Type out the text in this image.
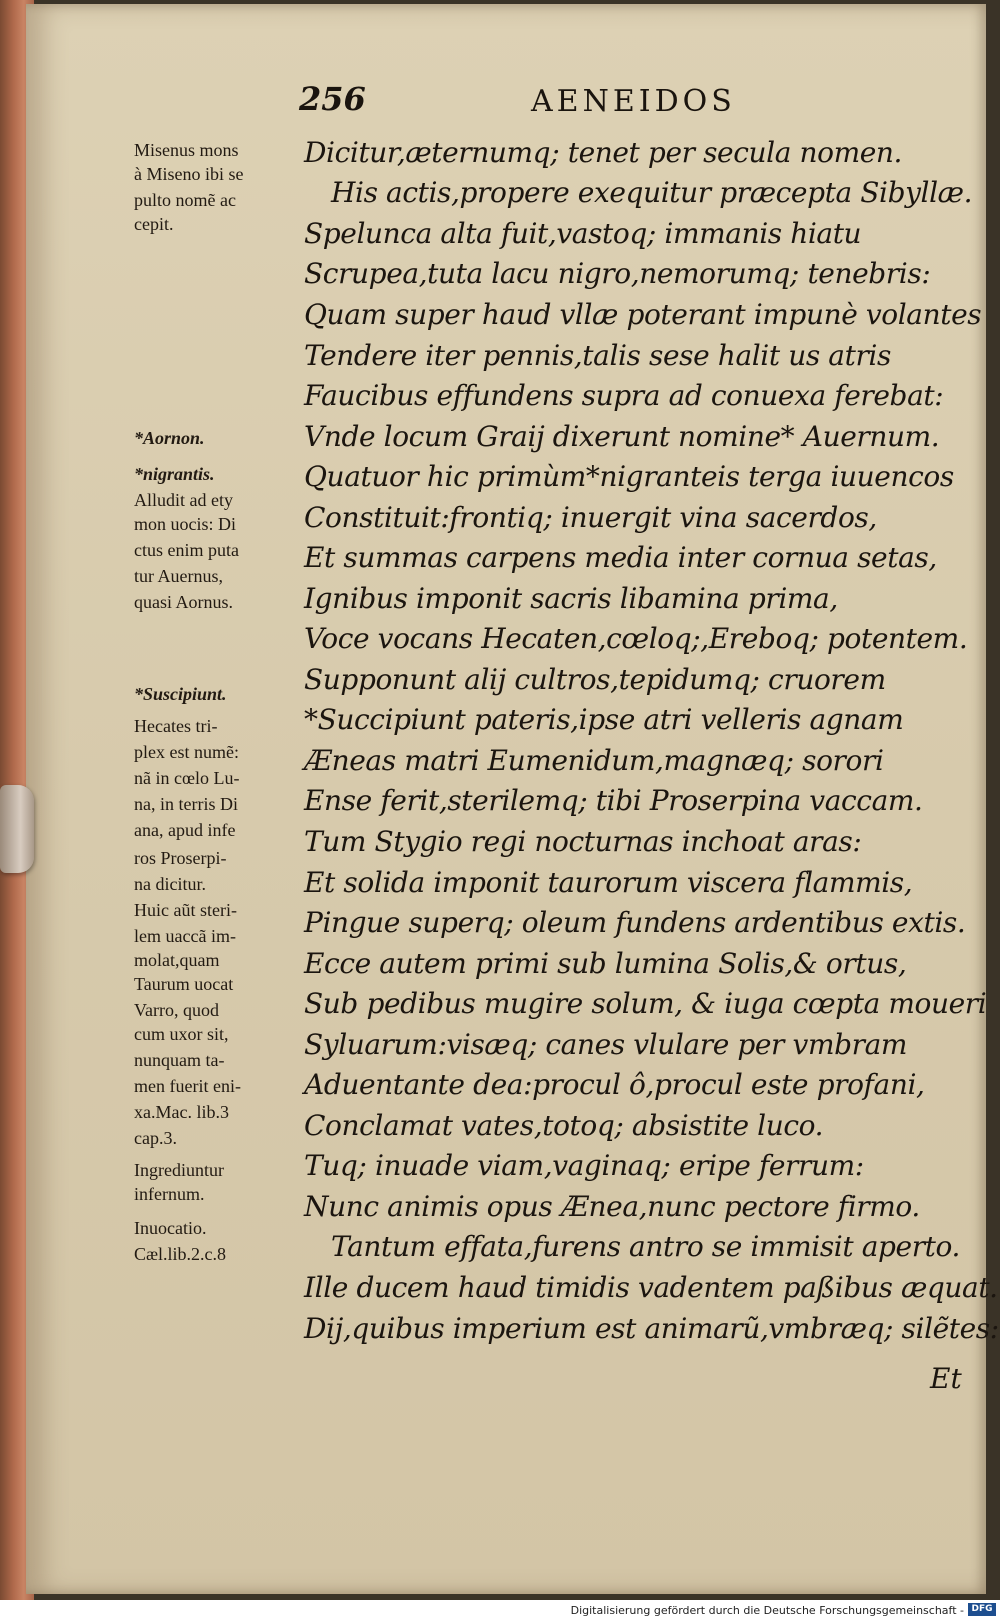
256	AENEIDOS
Dicitur,æternumq; tenet per secula nomen.
His actis,propere exequitur præcepta Sibyllæ.
Spelunca alta fuit,vastoq; immanis hiatu
Scrupea,tuta lacu nigro,nemorumq; tenebris:
Quam super haud vllæ poterant impunè volantes
Tendere iter pennis,talis sese halit us atris
Faucibus effundens supra ad conuexa ferebat:
Vnde locum Graij dixerunt nomine* Auernum.
Quatuor hic primùm*nigranteis terga iuuencos
Constituit:frontiq; inuergit vina sacerdos,
Et summas carpens media inter cornua setas,
Ignibus imponit sacris libamina prima,
Voce vocans Hecaten,cœloq;,Ereboq; potentem.
Supponunt alij cultros,tepidumq; cruorem
*Succipiunt pateris,ipse atri velleris agnam
Æneas matri Eumenidum,magnæq; sorori
Ense ferit,sterilemq; tibi Proserpina vaccam.
Tum Stygio regi nocturnas inchoat aras:
Et solida imponit taurorum viscera flammis,
Pingue superq; oleum fundens ardentibus extis.
Ecce autem primi sub lumina Solis,& ortus,
Sub pedibus mugire solum, & iuga cœpta moueri
Syluarum:visæq; canes vlulare per vmbram
Aduentante dea:procul ô,procul este profani,
Conclamat vates,totoq; absistite luco.
Tuq; inuade viam,vaginaq; eripe ferrum:
Nunc animis opus Ænea,nunc pectore firmo.
Tantum effata,furens antro se immisit aperto.
Ille ducem haud timidis vadentem paßibus æquat.
Dij,quibus imperium est animarũ,vmbræq; silẽtes:
Et
Misenus mons
à Miseno ibi se
pulto nomẽ ac
cepit.
*Aornon.
*nigrantis.
Alludit ad ety
mon uocis: Di
ctus enim puta
tur Auernus,
quasi Aornus.
*Suscipiunt.
Hecates tri-
plex est numẽ:
nã in cœlo Lu-
na, in terris Di
ana, apud infe
ros Proserpi-
na dicitur.
Huic aũt steri-
lem uaccã im-
molat,quam
Taurum uocat
Varro, quod
cum uxor sit,
nunquam ta-
men fuerit eni-
xa.Mac. lib.3
cap.3.
Ingrediuntur
infernum.
Inuocatio.
Cæl.lib.2.c.8
Digitalisierung gefördert durch die Deutsche Forschungsgemeinschaft - DFG
